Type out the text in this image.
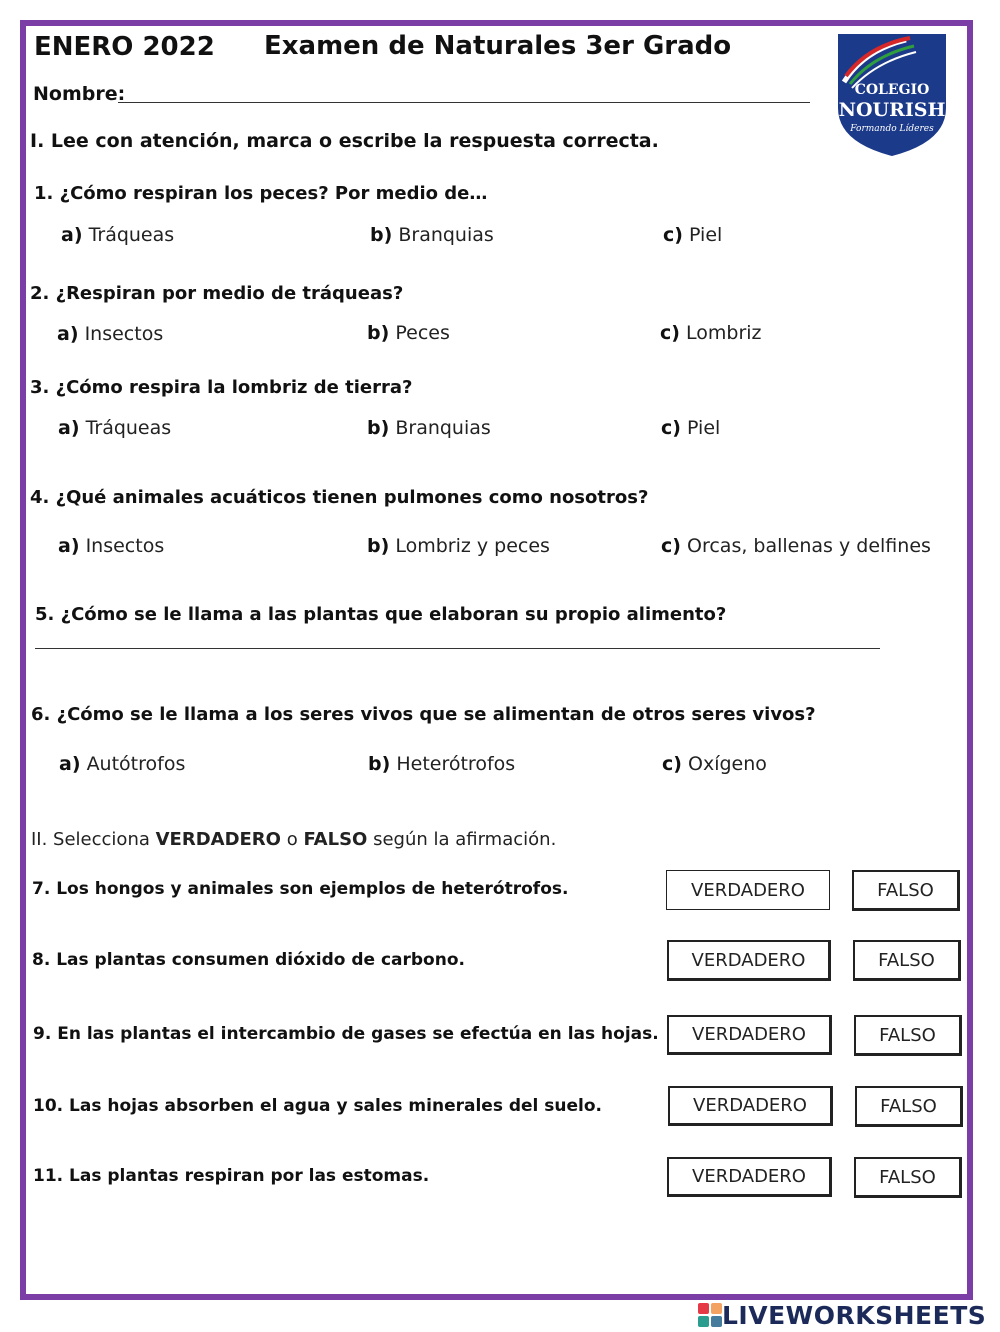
ENERO 2022 Examen de Naturales 3er Grado
Nombre:	COLEGIO
NOURISH
Formando Líderes
I. Lee con atención, marca o escribe la respuesta correcta.
1. ¿Cómo respiran los peces? Por medio de…
a) Tráqueas	b) Branquias	c) Piel
2. ¿Respiran por medio de tráqueas?
a) Insectos	b) Peces	c) Lombriz
3. ¿Cómo respira la lombriz de tierra?
a) Tráqueas	b) Branquias	c) Piel
4. ¿Qué animales acuáticos tienen pulmones como nosotros?
a) Insectos	b) Lombriz y peces	c) Orcas, ballenas y delfines
5. ¿Cómo se le llama a las plantas que elaboran su propio alimento?
6. ¿Cómo se le llama a los seres vivos que se alimentan de otros seres vivos?
a) Autótrofos	b) Heterótrofos	c) Oxígeno
II. Selecciona VERDADERO o FALSO según la afirmación.
7. Los hongos y animales son ejemplos de heterótrofos.	VERDADERO	FALSO
8. Las plantas consumen dióxido de carbono.	VERDADERO	FALSO
9. En las plantas el intercambio de gases se efectúa en las hojas.	VERDADERO	FALSO
10. Las hojas absorben el agua y sales minerales del suelo.	VERDADERO	FALSO
11. Las plantas respiran por las estomas.	VERDADERO	FALSO
LIVEWORKSHEETS
